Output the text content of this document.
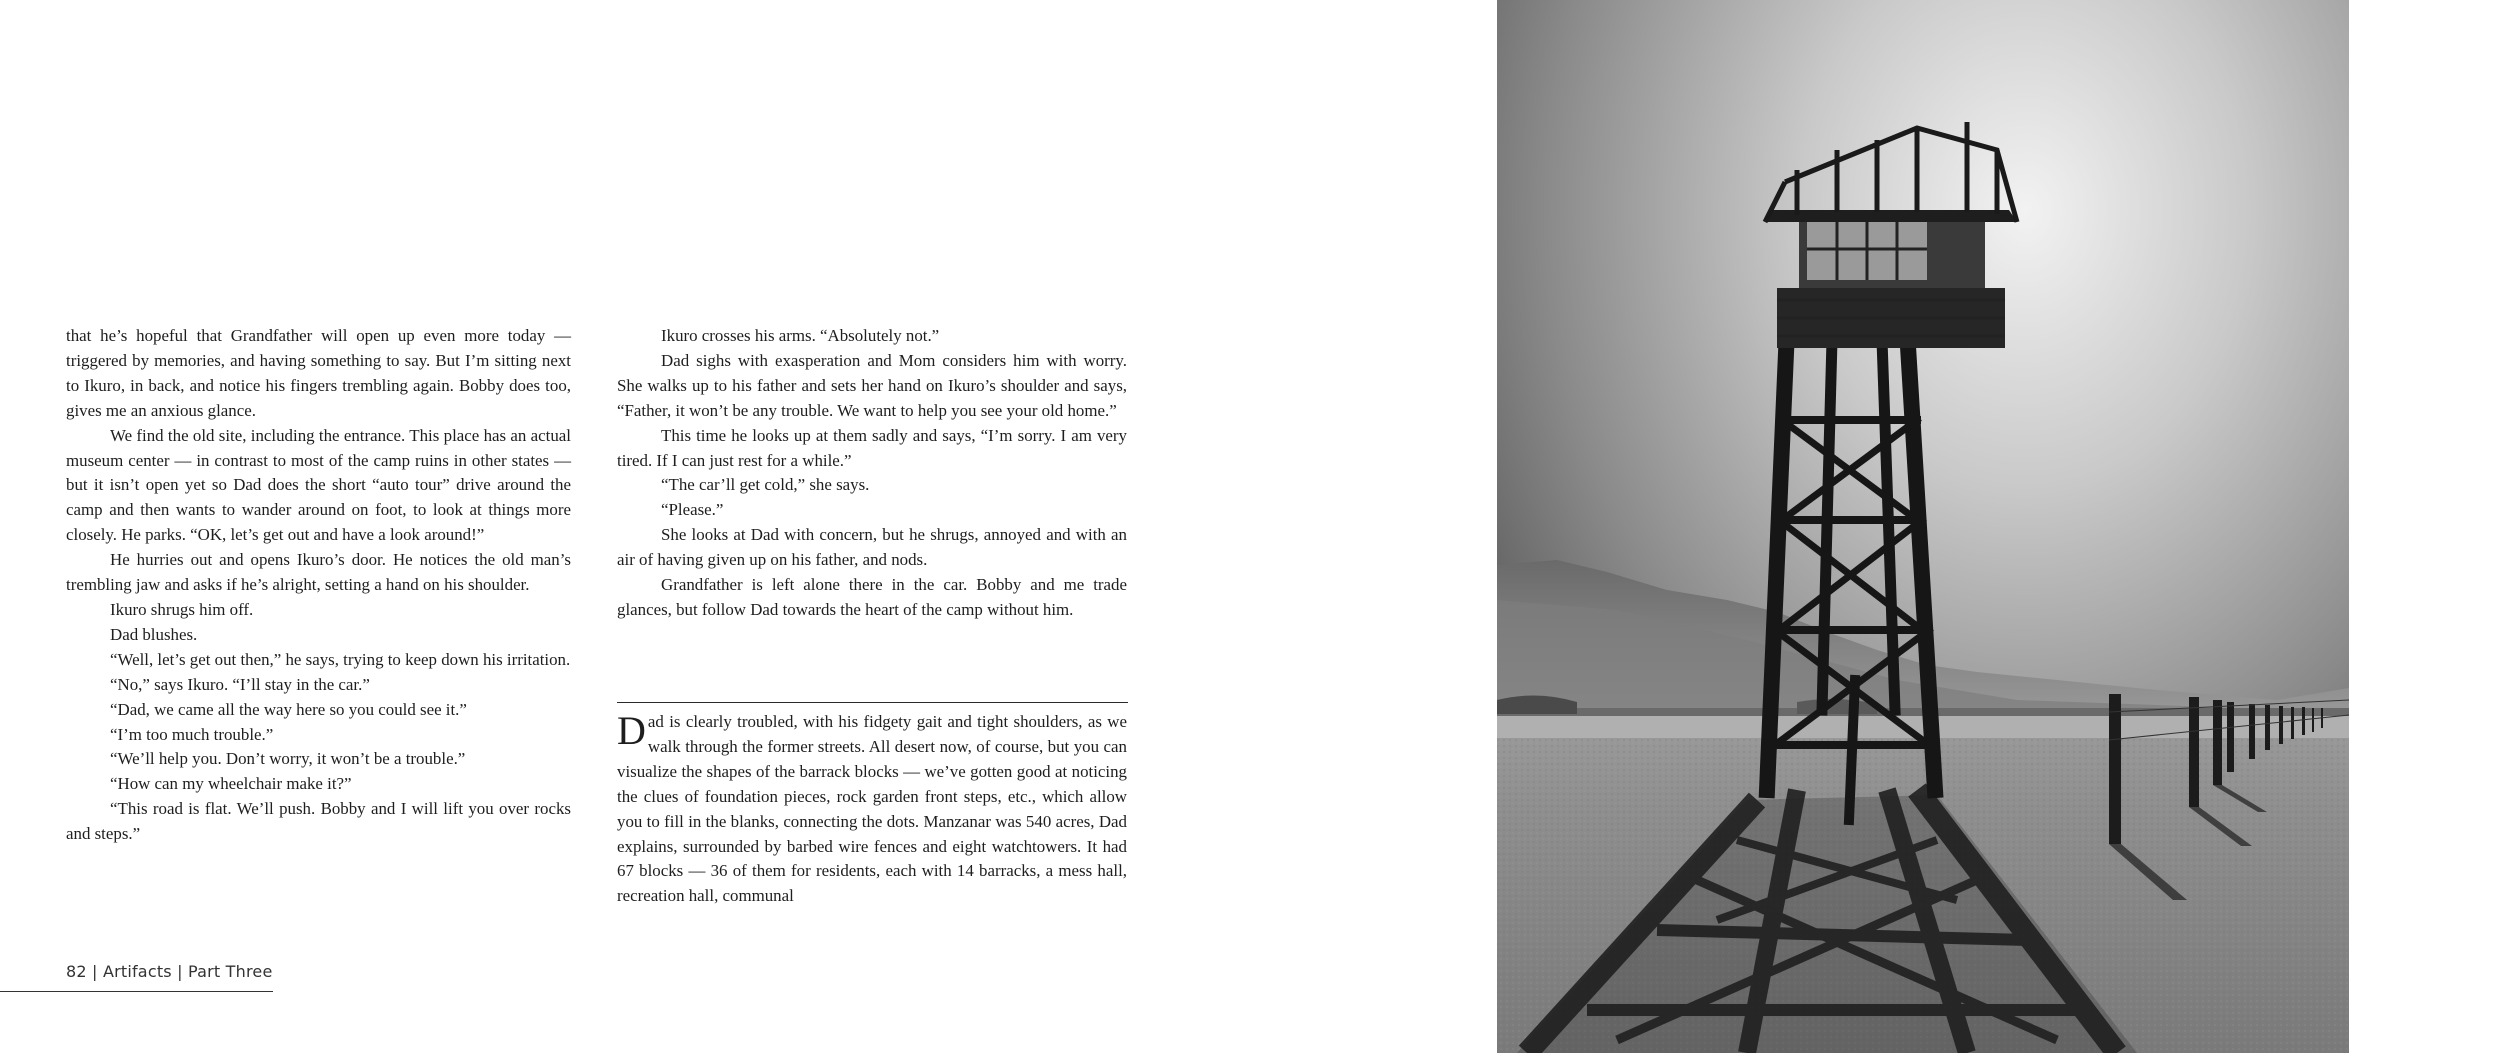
that he’s hopeful that Grandfather will open up even more today — triggered by memories, and having something to say. But I’m sitting next to Ikuro, in back, and notice his fingers trembling again. Bobby does too, gives me an anxious glance.

We find the old site, including the entrance. This place has an actual museum center — in contrast to most of the camp ruins in other states — but it isn’t open yet so Dad does the short “auto tour” drive around the camp and then wants to wander around on foot, to look at things more closely. He parks. “OK, let’s get out and have a look around!”

He hurries out and opens Ikuro’s door. He notices the old man’s trembling jaw and asks if he’s alright, setting a hand on his shoulder.

Ikuro shrugs him off.

Dad blushes.

“Well, let’s get out then,” he says, trying to keep down his irritation.

“No,” says Ikuro. “I’ll stay in the car.”

“Dad, we came all the way here so you could see it.”

“I’m too much trouble.”

“We’ll help you. Don’t worry, it won’t be a trouble.”

“How can my wheelchair make it?”

“This road is flat. We’ll push. Bobby and I will lift you over rocks and steps.”

Ikuro crosses his arms. “Absolutely not.”

Dad sighs with exasperation and Mom considers him with worry. She walks up to his father and sets her hand on Ikuro’s shoulder and says, “Father, it won’t be any trouble. We want to help you see your old home.”

This time he looks up at them sadly and says, “I’m sorry. I am very tired. If I can just rest for a while.”

“The car’ll get cold,” she says.

“Please.”

She looks at Dad with concern, but he shrugs, annoyed and with an air of having given up on his father, and nods.

Grandfather is left alone there in the car. Bobby and me trade glances, but follow Dad towards the heart of the camp without him.

Dad is clearly troubled, with his fidgety gait and tight shoulders, as we walk through the former streets. All desert now, of course, but you can visualize the shapes of the barrack blocks — we’ve gotten good at noticing the clues of foundation pieces, rock garden front steps, etc., which allow you to fill in the blanks, connecting the dots. Manzanar was 540 acres, Dad explains, surrounded by barbed wire fences and eight watchtowers. It had 67 blocks — 36 of them for residents, each with 14 barracks, a mess hall, recreation hall, communal

82 | Artifacts | Part Three
